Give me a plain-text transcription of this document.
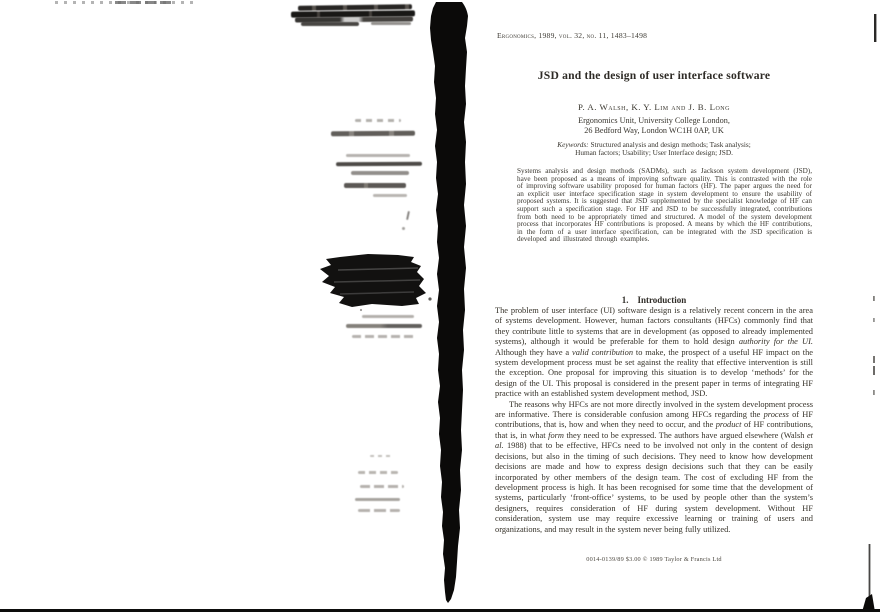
Ergonomics, 1989, vol. 32, no. 11, 1483–1498
JSD and the design of user interface software
P. A. Walsh, K. Y. Lim and J. B. Long
Ergonomics Unit, University College London,
26 Bedford Way, London WC1H 0AP, UK
Keywords: Structured analysis and design methods; Task analysis;
Human factors; Usability; User Interface design; JSD.
Systems analysis and design methods (SADMs), such as Jackson system development (JSD), have been proposed as a means of improving software quality. This is contrasted with the role of improving software usability proposed for human factors (HF). The paper argues the need for an explicit user interface specification stage in system development to ensure the usability of proposed systems. It is suggested that JSD supplemented by the specialist knowledge of HF can support such a specification stage. For HF and JSD to be successfully integrated, contributions from both need to be appropriately timed and structured. A model of the system development process that incorporates HF contributions is proposed. A means by which the HF contributions, in the form of a user interface specification, can be integrated with the JSD specification is developed and illustrated through examples.
1. Introduction

The problem of user interface (UI) software design is a relatively recent concern in the area of systems development. However, human factors consultants (HFCs) commonly find that they contribute little to systems that are in development (as opposed to already implemented systems), although it would be preferable for them to hold design authority for the UI. Although they have a valid contribution to make, the prospect of a useful HF impact on the system development process must be set against the reality that effective intervention is still the exception. One proposal for improving this situation is to develop ‘methods’ for the design of the UI. This proposal is considered in the present paper in terms of integrating HF practice with an established system development method, JSD.

The reasons why HFCs are not more directly involved in the system development process are informative. There is considerable confusion among HFCs regarding the process of HF contributions, that is, how and when they need to occur, and the product of HF contributions, that is, in what form they need to be expressed. The authors have argued elsewhere (Walsh et al. 1988) that to be effective, HFCs need to be involved not only in the content of design decisions, but also in the timing of such decisions. They need to know how development decisions are made and how to express design decisions such that they can be easily incorporated by other members of the design team. The cost of excluding HF from the development process is high. It has been recognised for some time that the development of systems, particularly ‘front-office’ systems, to be used by people other than the system’s designers, requires consideration of HF during system development. Without HF consideration, system use may require excessive learning or training of users and organizations, and may result in the system never being fully utilized.

0014-0139/89 $3.00 © 1989 Taylor & Francis Ltd
